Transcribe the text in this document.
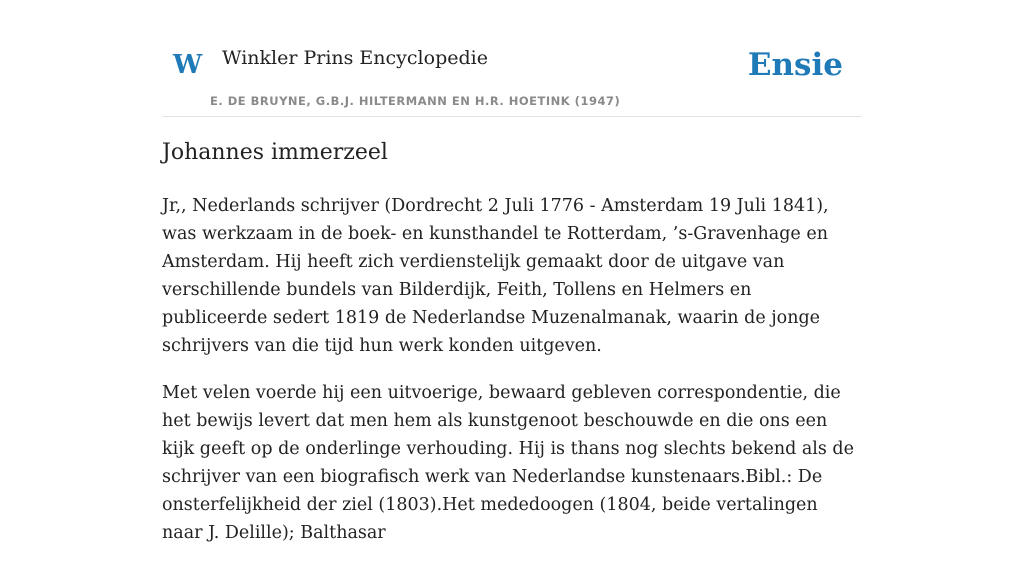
W Winkler Prins Encyclopedie
E. DE BRUYNE, G.B.J. HILTERMANN EN H.R. HOETINK (1947)
Ensie
Johannes immerzeel

Jr,, Nederlands schrijver (Dordrecht 2 Juli 1776 - Amsterdam 19 Juli 1841), was werkzaam in de boek- en kunsthandel te Rotterdam, ’s-Gravenhage en Amsterdam. Hij heeft zich verdienstelijk gemaakt door de uitgave van verschillende bundels van Bilderdijk, Feith, Tollens en Helmers en publiceerde sedert 1819 de Nederlandse Muzenalmanak, waarin de jonge schrijvers van die tijd hun werk konden uitgeven.

Met velen voerde hij een uitvoerige, bewaard gebleven correspondentie, die het bewijs levert dat men hem als kunstgenoot beschouwde en die ons een kijk geeft op de onderlinge verhouding. Hij is thans nog slechts bekend als de schrijver van een biografisch werk van Nederlandse kunstenaars.Bibl.: De onsterfelijkheid der ziel (1803).Het mededoogen (1804, beide vertalingen naar J. Delille); Balthasar
